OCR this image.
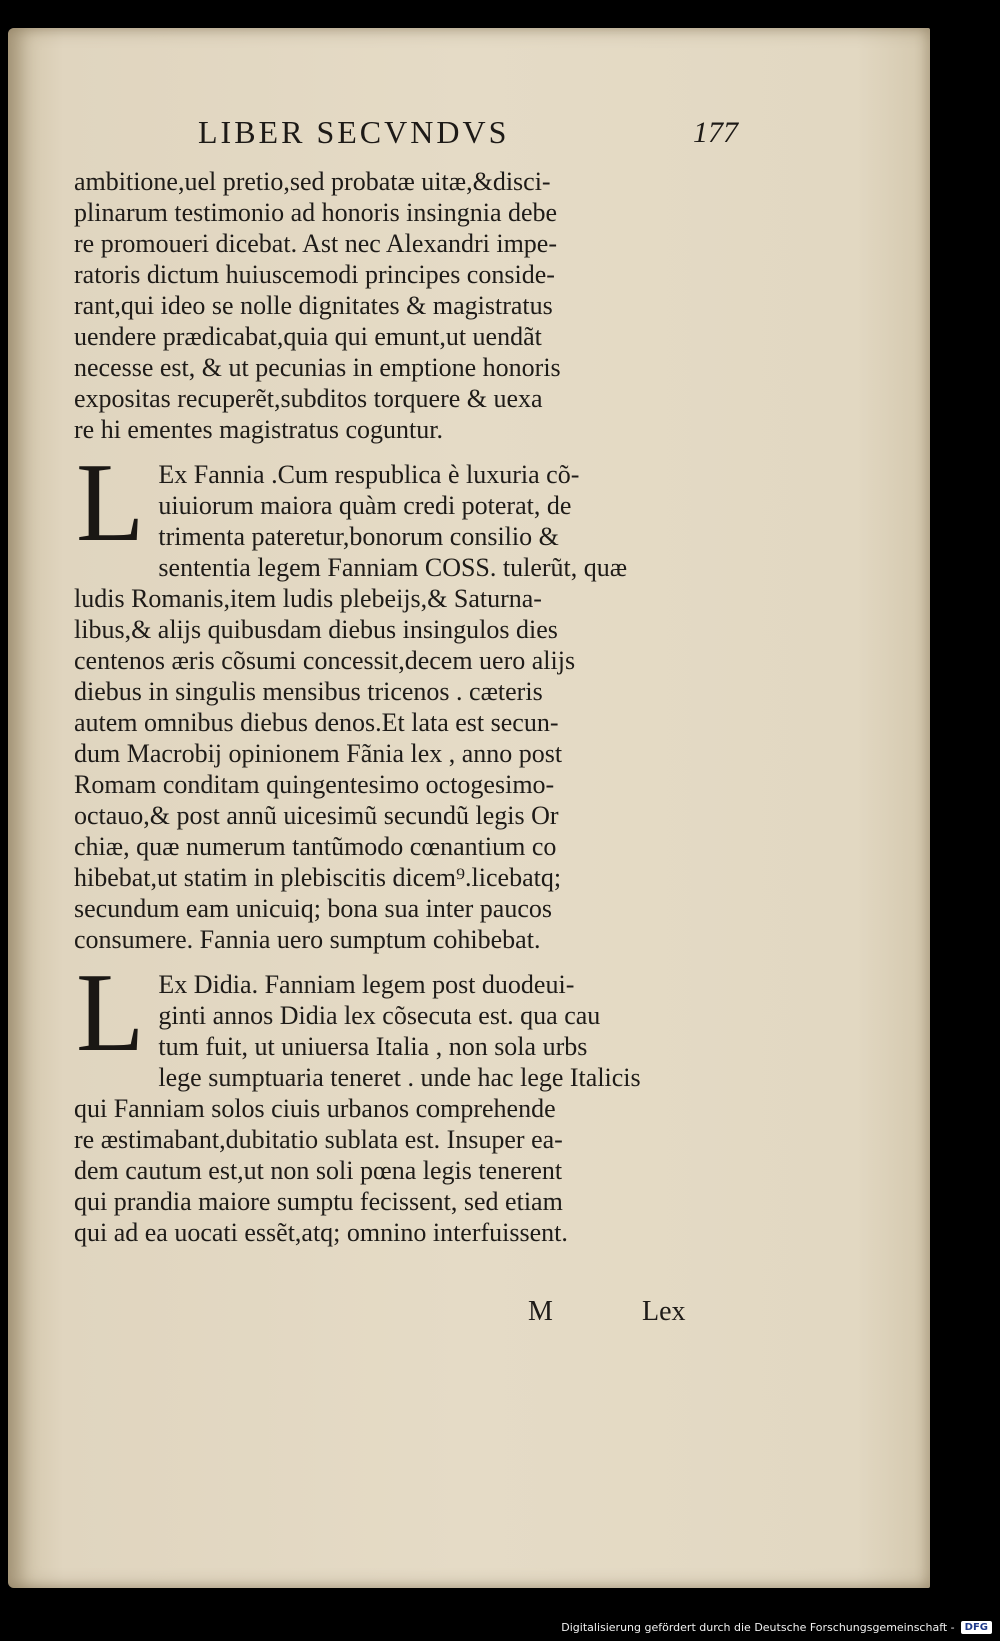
LIBER SECVNDVS	177
ambitione,uel pretio,sed probatæ uitæ,&disci-
plinarum testimonio ad honoris insingnia debe
re promoueri dicebat. Ast nec Alexandri impe-
ratoris dictum huiuscemodi principes conside-
rant,qui ideo se nolle dignitates & magistratus
uendere prædicabat,quia qui emunt,ut uendãt
necesse est, & ut pecunias in emptione honoris
expositas recuperẽt,subditos torquere & uexa
re hi ementes magistratus coguntur.
L Ex Fannia .Cum respublica è luxuria cõ-
uiuiorum maiora quàm credi poterat, de
trimenta pateretur,bonorum consilio &
sententia legem Fanniam COSS. tulerũt, quæ
ludis Romanis,item ludis plebeijs,& Saturna-
libus,& alijs quibusdam diebus insingulos dies
centenos æris cõsumi concessit,decem uero alijs
diebus in singulis mensibus tricenos . cæteris
autem omnibus diebus denos.Et lata est secun-
dum Macrobij opinionem Fãnia lex , anno post
Romam conditam quingentesimo octogesimo-
octauo,& post annũ uicesimũ secundũ legis Or
chiæ, quæ numerum tantũmodo cœnantium co
hibebat,ut statim in plebiscitis dicem⁹.licebatq;
secundum eam unicuiq; bona sua inter paucos
consumere. Fannia uero sumptum cohibebat.
L Ex Didia. Fanniam legem post duodeui-
ginti annos Didia lex cõsecuta est. qua cau
tum fuit, ut uniuersa Italia , non sola urbs
lege sumptuaria teneret . unde hac lege Italicis
qui Fanniam solos ciuis urbanos comprehende
re æstimabant,dubitatio sublata est. Insuper ea-
dem cautum est,ut non soli pœna legis tenerent
qui prandia maiore sumptu fecissent, sed etiam
qui ad ea uocati essẽt,atq; omnino interfuissent.
M	Lex
Digitalisierung gefördert durch die Deutsche Forschungsgemeinschaft -	DFG
